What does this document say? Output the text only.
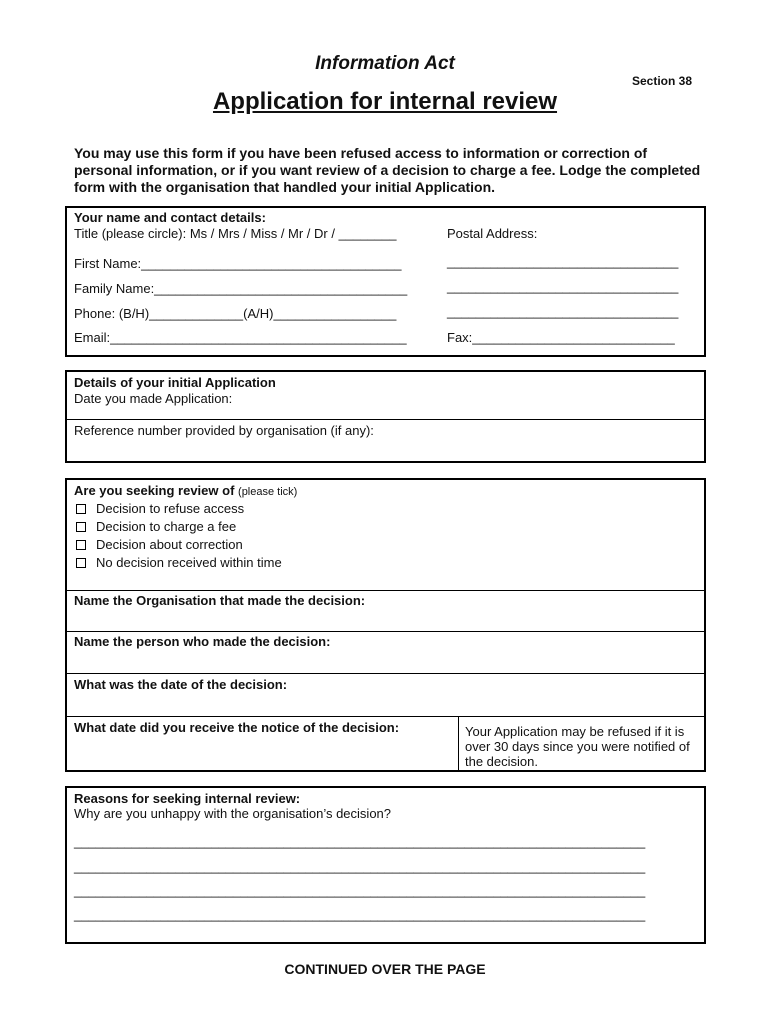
Information Act
Section 38
Application for internal review
You may use this form if you have been refused access to information or correction of personal information, or if you want review of a decision to charge a fee. Lodge the completed form with the organisation that handled your initial Application.
Your name and contact details:
Title (please circle): Ms / Mrs / Miss / Mr / Dr / ________
First Name:____________________________________
Family Name:___________________________________
Phone: (B/H)_____________(A/H)_________________
Email:_________________________________________
Postal Address:
________________________________
________________________________
________________________________
Fax:____________________________
Details of your initial Application
Date you made Application:
Reference number provided by organisation (if any):
Are you seeking review of (please tick)
Decision to refuse access
Decision to charge a fee
Decision about correction
No decision received within time
Name the Organisation that made the decision:
Name the person who made the decision:
What was the date of the decision:
What date did you receive the notice of the decision:	Your Application may be refused if it is over 30 days since you were notified of the decision.
Reasons for seeking internal review:
Why are you unhappy with the organisation’s decision?
_______________________________________________________________________________
_______________________________________________________________________________
_______________________________________________________________________________
_______________________________________________________________________________
CONTINUED OVER THE PAGE
